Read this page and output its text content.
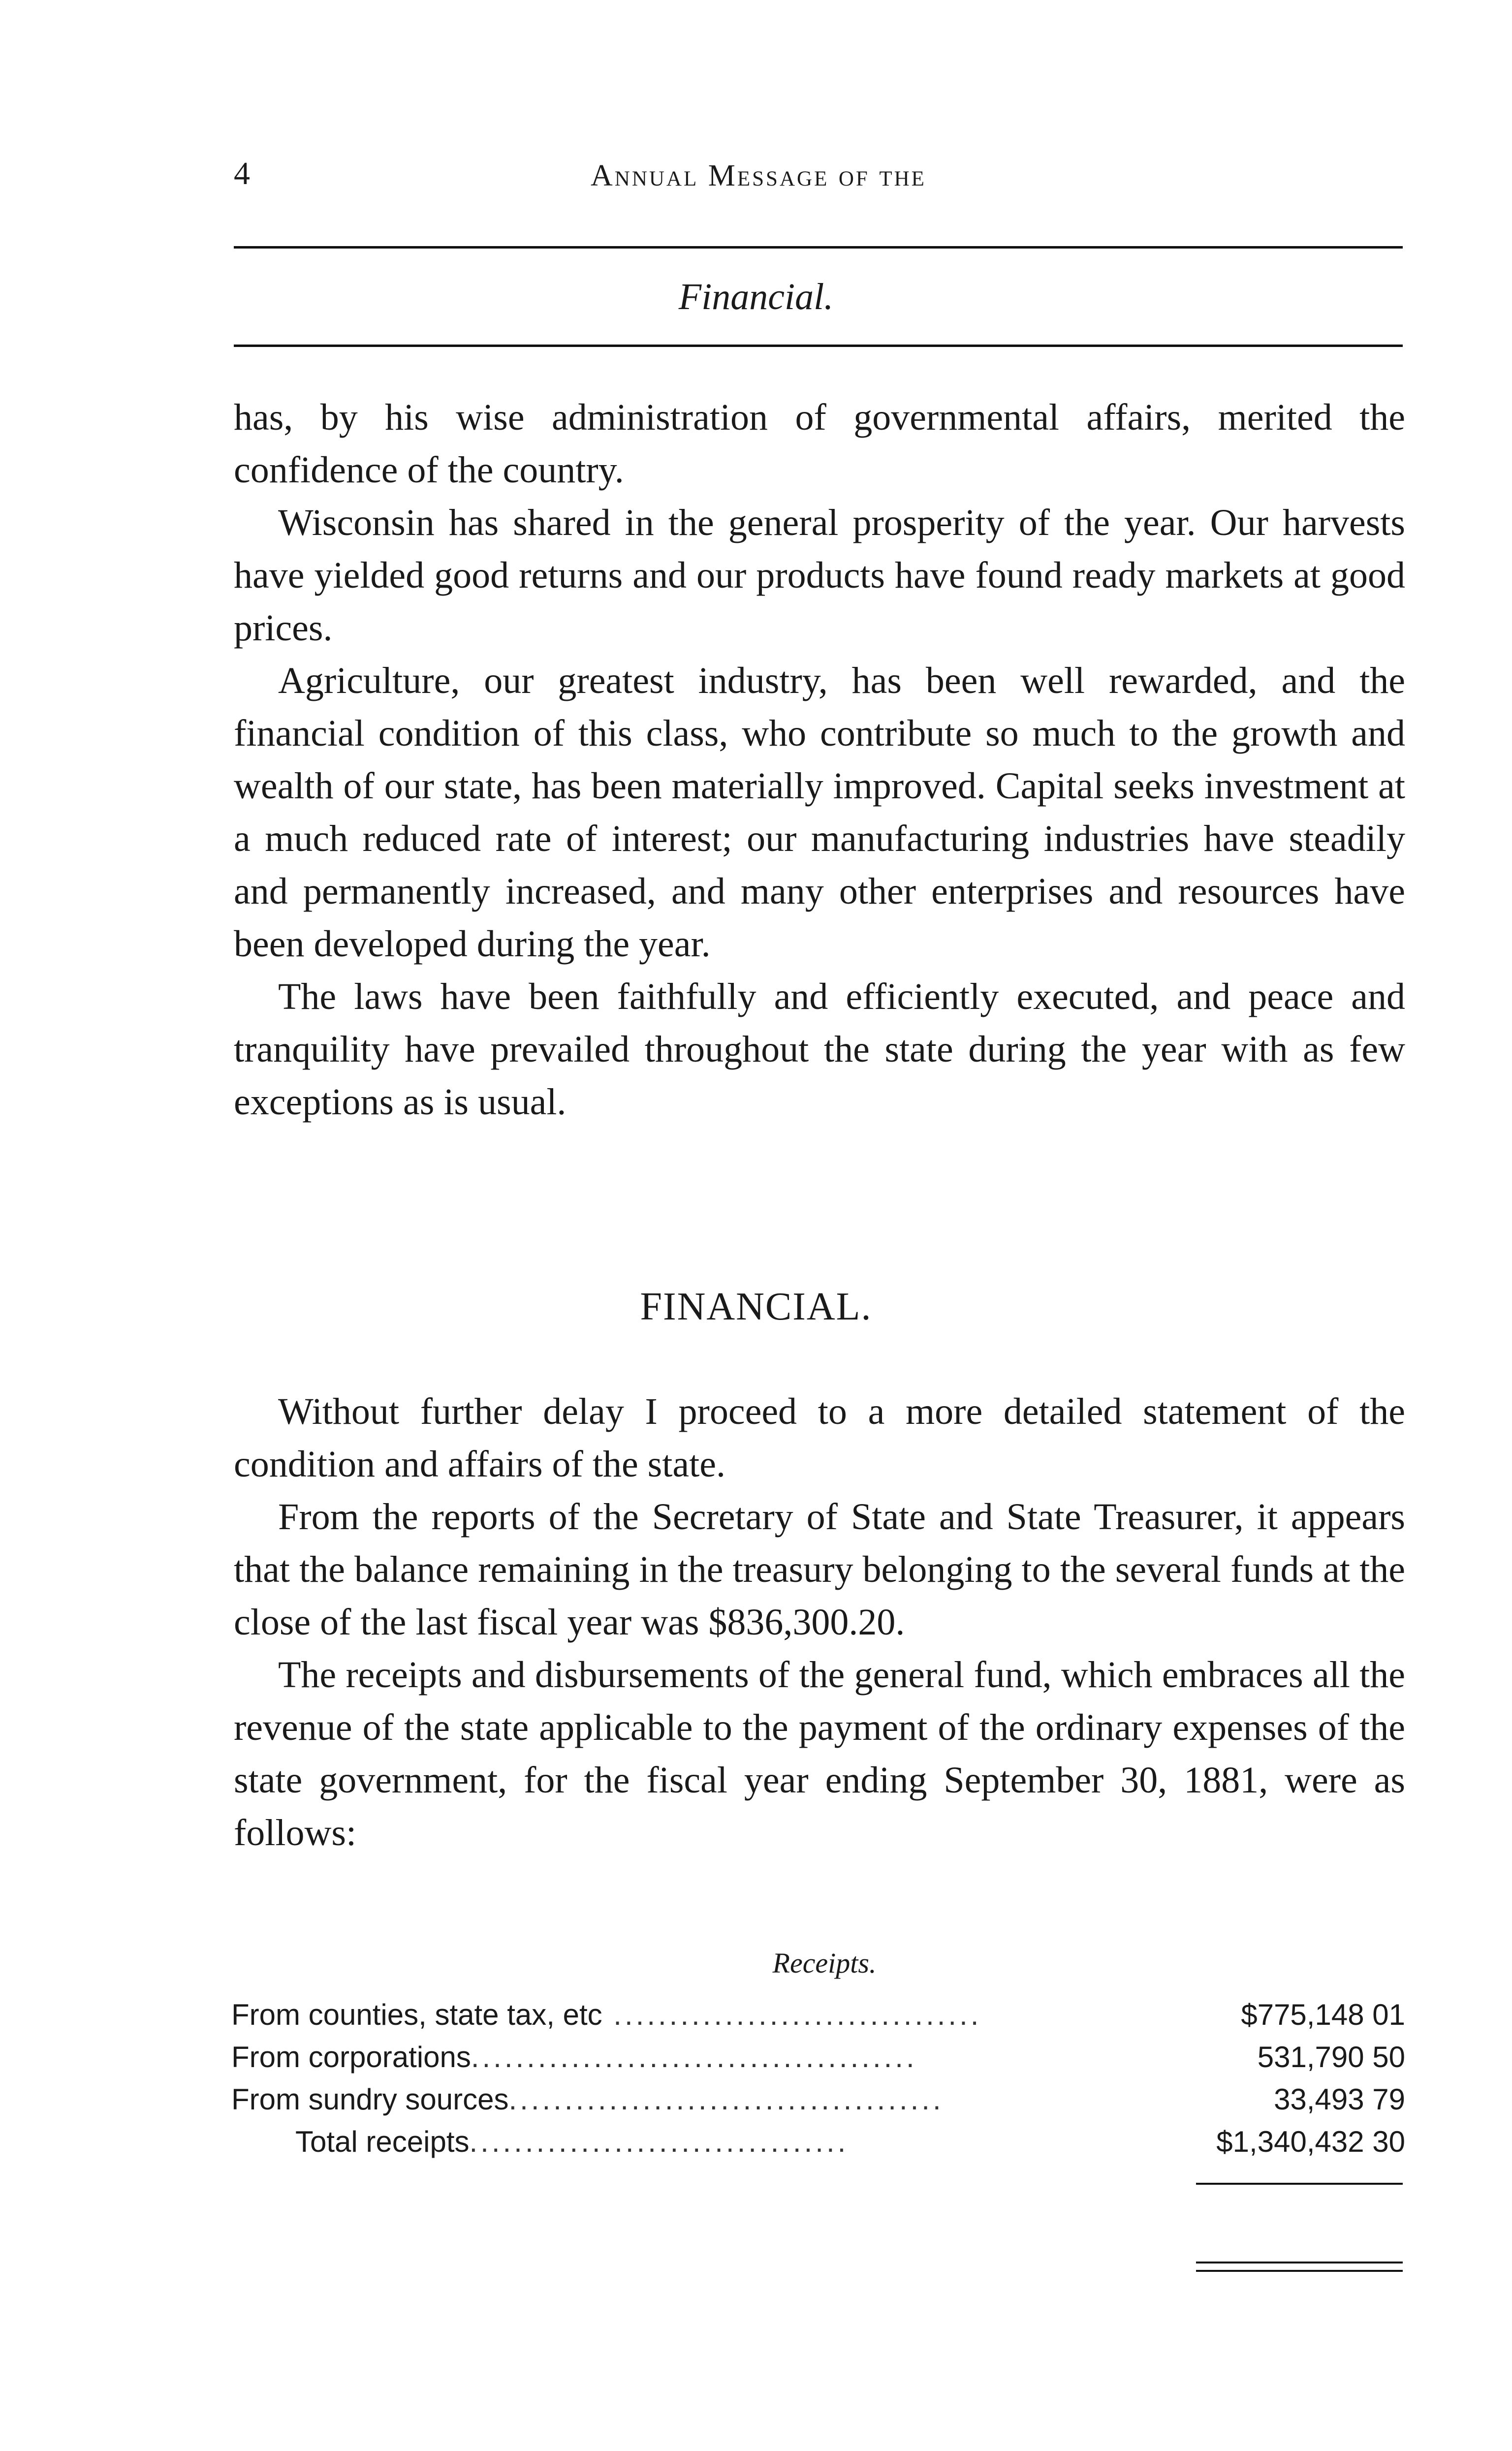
4	Annual Message of the
Financial.

has, by his wise administration of governmental affairs, merited the confidence of the country.

Wisconsin has shared in the general prosperity of the year. Our harvests have yielded good returns and our products have found ready markets at good prices.

Agriculture, our greatest industry, has been well rewarded, and the financial condition of this class, who contribute so much to the growth and wealth of our state, has been materially improved. Capital seeks investment at a much reduced rate of interest; our manufacturing industries have steadily and permanently increased, and many other enterprises and resources have been developed during the year.

The laws have been faithfully and efficiently executed, and peace and tranquility have prevailed throughout the state during the year with as few exceptions as is usual.

FINANCIAL.

Without further delay I proceed to a more detailed statement of the condition and affairs of the state.

From the reports of the Secretary of State and State Treasurer, it appears that the balance remaining in the treasury belonging to the several funds at the close of the last fiscal year was $836,300.20.

The receipts and disbursements of the general fund, which embraces all the revenue of the state applicable to the payment of the ordinary expenses of the state government, for the fiscal year ending September 30, 1881, were as follows:

Receipts.
From counties, state tax, etc .................................	$775,148 01
From corporations........................................	531,790 50
From sundry sources.......................................	33,493 79
Total receipts..................................	$1,340,432 30
